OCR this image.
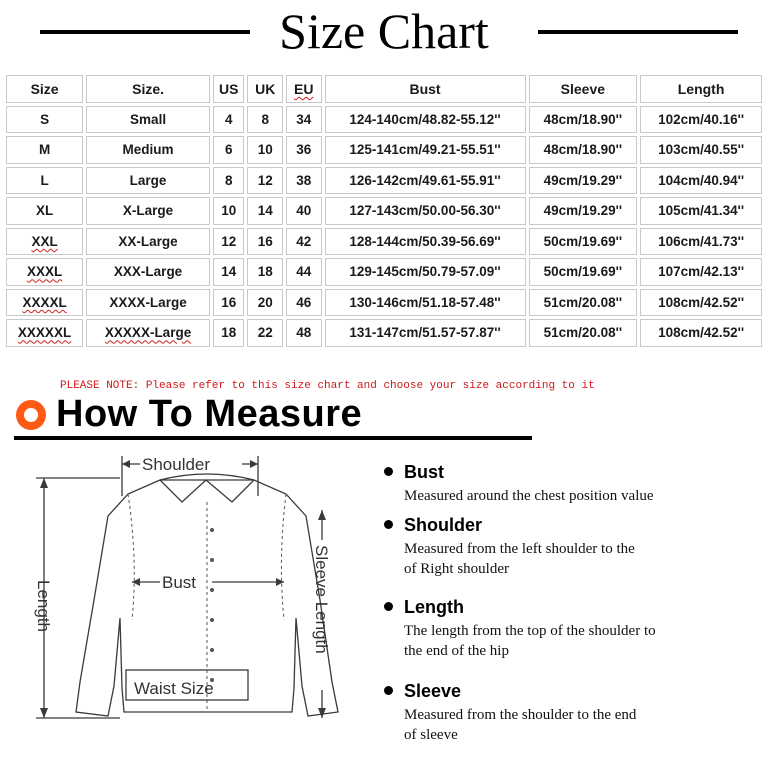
Size Chart
Size	Size.	US	UK	EU	Bust	Sleeve	Length
S	Small	4	8	34	124-140cm/48.82-55.12''	48cm/18.90''	102cm/40.16''
M	Medium	6	10	36	125-141cm/49.21-55.51''	48cm/18.90''	103cm/40.55''
L	Large	8	12	38	126-142cm/49.61-55.91''	49cm/19.29''	104cm/40.94''
XL	X-Large	10	14	40	127-143cm/50.00-56.30''	49cm/19.29''	105cm/41.34''
XXL	XX-Large	12	16	42	128-144cm/50.39-56.69''	50cm/19.69''	106cm/41.73''
XXXL	XXX-Large	14	18	44	129-145cm/50.79-57.09''	50cm/19.69''	107cm/42.13''
XXXXL	XXXX-Large	16	20	46	130-146cm/51.18-57.48''	51cm/20.08''	108cm/42.52''
XXXXXL	XXXXX-Large	18	22	48	131-147cm/51.57-57.87''	51cm/20.08''	108cm/42.52''
PLEASE NOTE: Please refer to this size chart and choose your size according to it
How To Measure
Shoulder
Bust
Waist Size
Length	Sleeve Length
Bust
Measured around the chest position value
Shoulder
Measured from the left shoulder to the
of Right shoulder
Length
The length from the top of the shoulder to
the end of the hip
Sleeve
Measured from the shoulder to the end
of sleeve
